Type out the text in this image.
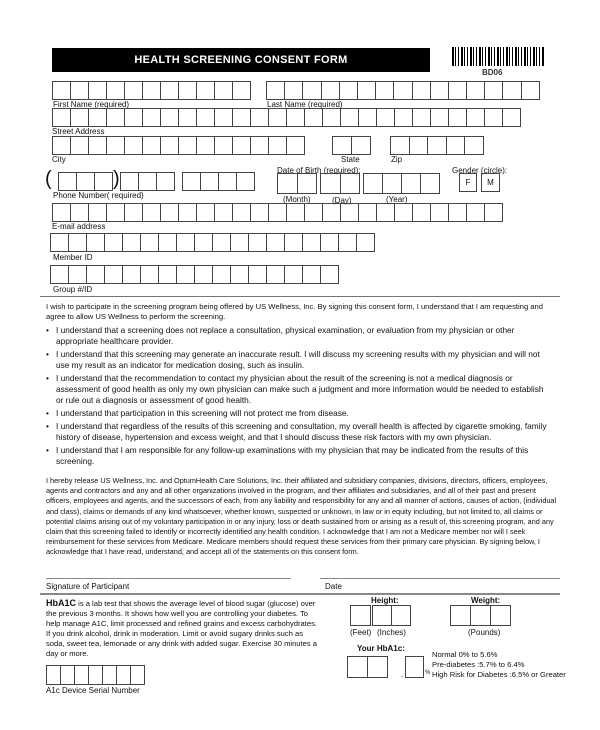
HEALTH SCREENING CONSENT FORM
BD06
First Name (required)	Last Name (required)
Street Address
City	State	Zip
(	)
Phone Number( required)
Date of Birth (required):
(Month)	(Day)	(Year)
Gender (circle):
F	M
E-mail address
Member ID
Group #/ID
I wish to participate in the screening program being offered by US Wellness, Inc. By signing this consent form, I understand that I am requesting and agree to allow US Wellness to perform the screening.
• I understand that a screening does not replace a consultation, physical examination, or evaluation from my physician or other appropriate healthcare provider.
• I understand that this screening may generate an inaccurate result. I will discuss my screening results with my physician and will not use my result as an indicator for medication dosing, such as insulin.
• I understand that the recommendation to contact my physician about the result of the screening is not a medical diagnosis or assessment of good health as only my own physician can make such a judgment and more information would be needed to establish or rule out a diagnosis or assessment of good health.
• I understand that participation in this screening will not protect me from disease.
• I understand that regardless of the results of this screening and consultation, my overall health is affected by cigarette smoking, family history of disease, hypertension and excess weight, and that I should discuss these risk factors with my own physician.
• I understand that I am responsible for any follow-up examinations with my physician that may be indicated from the results of this screening.
I hereby release US Wellness, Inc. and OptumHealth Care Solutions, Inc. their affiliated and subsidiary companies, divisions, directors, officers, employees, agents and contractors and any and all other organizations involved in the program, and their affiliates and subsidiaries, and all of their past and present officers, employees and agents, and the successors of each, from any liability and responsibility for any and all manner of actions, causes of action, (individual and class), claims or demands of any kind whatsoever, whether known, suspected or unknown, in law or in equity including, but not limited to, all claims or potential claims arising out of my voluntary participation in or any injury, loss or death sustained from or arising as a result of, this screening program, and any claim that this screening failed to identify or incorrectly identified any health condition. I acknowledge that I am not a Medicare member nor will I seek reimbursement for these services from Medicare. Medicare members should request these services from their primary care physician. By signing below, I acknowledge that I have read, understand, and accept all of the statements on this consent form.
Signature of Participant	Date
HbA1C is a lab test that shows the average level of blood sugar (glucose) over the previous 3 months. It shows how well you are controlling your diabetes. To help manage A1C, limit processed and refined grains and excess carbohydrates. If you drink alcohol, drink in moderation. Limit or avoid sugary drinks such as soda, sweet tea, lemonade or any drink with added sugar. Exercise 30 minutes a day or more.
A1c Device Serial Number
Height:
(Feet) (Inches)
Weight:
(Pounds)
Your HbA1c:
.	%
Normal 0% to 5.6%
Pre-diabetes :5.7% to 6.4%
High Risk for Diabetes :6.5% or Greater
